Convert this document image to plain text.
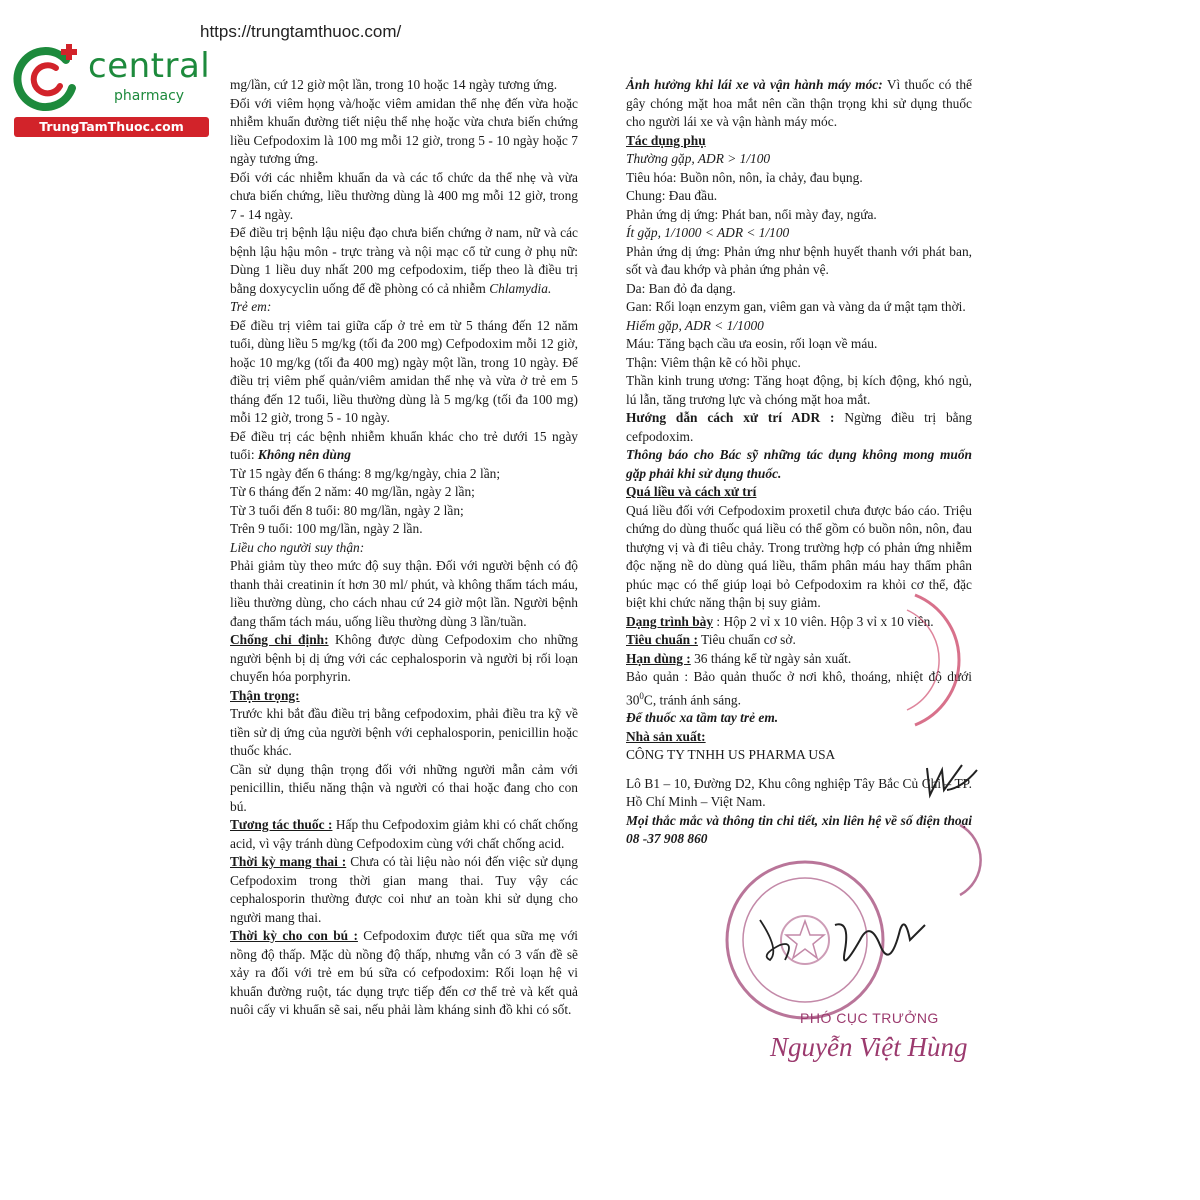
https://trungtamthuoc.com/
central
pharmacy
TrungTamThuoc.com

mg/lần, cứ 12 giờ một lần, trong 10 hoặc 14 ngày tương ứng.

Đối với viêm họng và/hoặc viêm amidan thể nhẹ đến vừa hoặc nhiễm khuẩn đường tiết niệu thể nhẹ hoặc vừa chưa biến chứng liều Cefpodoxim là 100 mg mỗi 12 giờ, trong 5 - 10 ngày hoặc 7 ngày tương ứng.

Đối với các nhiễm khuẩn da và các tổ chức da thể nhẹ và vừa chưa biến chứng, liều thường dùng là 400 mg mỗi 12 giờ, trong 7 - 14 ngày.

Để điều trị bệnh lậu niệu đạo chưa biến chứng ở nam, nữ và các bệnh lậu hậu môn - trực tràng và nội mạc cổ tử cung ở phụ nữ: Dùng 1 liều duy nhất 200 mg cefpodoxim, tiếp theo là điều trị bằng doxycyclin uống để đề phòng có cả nhiễm Chlamydia.

Trẻ em:

Để điều trị viêm tai giữa cấp ở trẻ em từ 5 tháng đến 12 năm tuổi, dùng liều 5 mg/kg (tối đa 200 mg) Cefpodoxim mỗi 12 giờ, hoặc 10 mg/kg (tối đa 400 mg) ngày một lần, trong 10 ngày. Để điều trị viêm phế quản/viêm amidan thể nhẹ và vừa ở trẻ em 5 tháng đến 12 tuổi, liều thường dùng là 5 mg/kg (tối đa 100 mg) mỗi 12 giờ, trong 5 - 10 ngày.

Để điều trị các bệnh nhiễm khuẩn khác cho trẻ dưới 15 ngày tuổi: Không nên dùng

Từ 15 ngày đến 6 tháng: 8 mg/kg/ngày, chia 2 lần;

Từ 6 tháng đến 2 năm: 40 mg/lần, ngày 2 lần;

Từ 3 tuổi đến 8 tuổi: 80 mg/lần, ngày 2 lần;

Trên 9 tuổi: 100 mg/lần, ngày 2 lần.

Liều cho người suy thận:

Phải giảm tùy theo mức độ suy thận. Đối với người bệnh có độ thanh thải creatinin ít hơn 30 ml/ phút, và không thẩm tách máu, liều thường dùng, cho cách nhau cứ 24 giờ một lần. Người bệnh đang thẩm tách máu, uống liều thường dùng 3 lần/tuần.

Chống chỉ định: Không được dùng Cefpodoxim cho những người bệnh bị dị ứng với các cephalosporin và người bị rối loạn chuyển hóa porphyrin.

Thận trọng:

Trước khi bắt đầu điều trị bằng cefpodoxim, phải điều tra kỹ về tiền sử dị ứng của người bệnh với cephalosporin, penicillin hoặc thuốc khác.

Cần sử dụng thận trọng đối với những người mẫn cảm với penicillin, thiểu năng thận và người có thai hoặc đang cho con bú.

Tương tác thuốc : Hấp thu Cefpodoxim giảm khi có chất chống acid, vì vậy tránh dùng Cefpodoxim cùng với chất chống acid.

Thời kỳ mang thai : Chưa có tài liệu nào nói đến việc sử dụng Cefpodoxim trong thời gian mang thai. Tuy vậy các cephalosporin thường được coi như an toàn khi sử dụng cho người mang thai.

Thời kỳ cho con bú : Cefpodoxim được tiết qua sữa mẹ với nồng độ thấp. Mặc dù nồng độ thấp, nhưng vẫn có 3 vấn đề sẽ xảy ra đối với trẻ em bú sữa có cefpodoxim: Rối loạn hệ vi khuẩn đường ruột, tác dụng trực tiếp đến cơ thể trẻ và kết quả nuôi cấy vi khuẩn sẽ sai, nếu phải làm kháng sinh đồ khi có sốt.

Ảnh hưởng khi lái xe và vận hành máy móc: Vì thuốc có thể gây chóng mặt hoa mắt nên cần thận trọng khi sử dụng thuốc cho người lái xe và vận hành máy móc.

Tác dụng phụ

Thường gặp, ADR > 1/100

Tiêu hóa: Buồn nôn, nôn, ỉa chảy, đau bụng.

Chung: Đau đầu.

Phản ứng dị ứng: Phát ban, nổi mày đay, ngứa.

Ít gặp, 1/1000 < ADR < 1/100

Phản ứng dị ứng: Phản ứng như bệnh huyết thanh với phát ban, sốt và đau khớp và phản ứng phản vệ.

Da: Ban đỏ đa dạng.

Gan: Rối loạn enzym gan, viêm gan và vàng da ứ mật tạm thời.

Hiếm gặp, ADR < 1/1000

Máu: Tăng bạch cầu ưa eosin, rối loạn về máu.

Thận: Viêm thận kẽ có hồi phục.

Thần kinh trung ương: Tăng hoạt động, bị kích động, khó ngủ, lú lẫn, tăng trương lực và chóng mặt hoa mắt.

Hướng dẫn cách xử trí ADR : Ngừng điều trị bằng cefpodoxim.

Thông báo cho Bác sỹ những tác dụng không mong muốn gặp phải khi sử dụng thuốc.

Quá liều và cách xử trí

Quá liều đối với Cefpodoxim proxetil chưa được báo cáo. Triệu chứng do dùng thuốc quá liều có thể gồm có buồn nôn, nôn, đau thượng vị và đi tiêu chảy. Trong trường hợp có phản ứng nhiễm độc nặng nề do dùng quá liều, thẩm phân máu hay thẩm phân phúc mạc có thể giúp loại bỏ Cefpodoxim ra khỏi cơ thể, đặc biệt khi chức năng thận bị suy giảm.

Dạng trình bày : Hộp 2 vỉ x 10 viên. Hộp 3 vỉ x 10 viên.

Tiêu chuẩn : Tiêu chuẩn cơ sở.

Hạn dùng : 36 tháng kể từ ngày sản xuất.

Bảo quản : Bảo quản thuốc ở nơi khô, thoáng, nhiệt độ dưới $30^0C$, tránh ánh sáng.

Để thuốc xa tầm tay trẻ em.

Nhà sản xuất:

CÔNG TY TNHH US PHARMA USA

Lô B1 – 10, Đường D2, Khu công nghiệp Tây Bắc Củ Chi – TP. Hồ Chí Minh – Việt Nam.

Mọi thắc mắc và thông tin chi tiết, xin liên hệ về số điện thoại 08 -37 908 860

PHÓ CỤC TRƯỞNG
Nguyễn Việt Hùng
